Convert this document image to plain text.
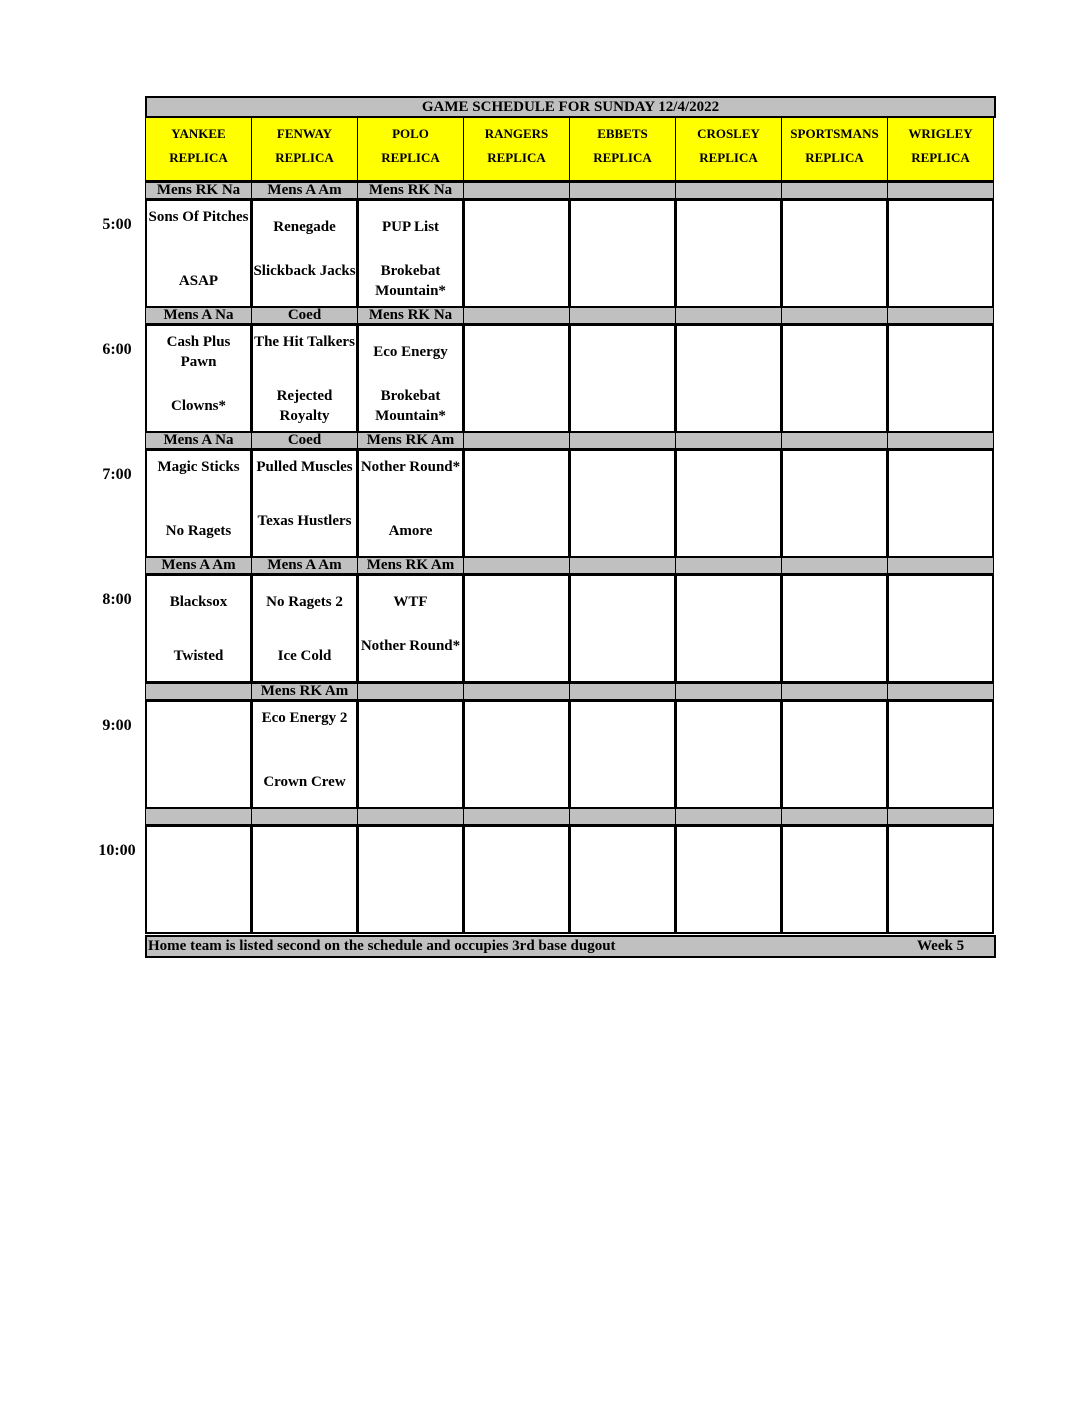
GAME SCHEDULE FOR SUNDAY 12/4/2022
YANKEE
REPLICA
FENWAY
REPLICA
POLO
REPLICA
RANGERS
REPLICA
EBBETS
REPLICA
CROSLEY
REPLICA
SPORTSMANS
REPLICA
WRIGLEY
REPLICA
5:00
Mens RK Na
Sons Of Pitches
ASAP
Mens A Am
Renegade
Slickback Jacks
Mens RK Na
PUP List
Brokebat Mountain*
6:00
Mens A Na
Cash Plus Pawn
Clowns*
Coed
The Hit Talkers
Rejected Royalty
Mens RK Na
Eco Energy
Brokebat Mountain*
7:00
Mens A Na
Magic Sticks
No Ragets
Coed
Pulled Muscles
Texas Hustlers
Mens RK Am
Nother Round*
Amore
8:00
Mens A Am
Blacksox
Twisted
Mens A Am
No Ragets 2
Ice Cold
Mens RK Am
WTF
Nother Round*
9:00
Mens RK Am
Eco Energy 2
Crown Crew
10:00
Home team is listed second on the schedule and occupies 3rd base dugout	Week 5
